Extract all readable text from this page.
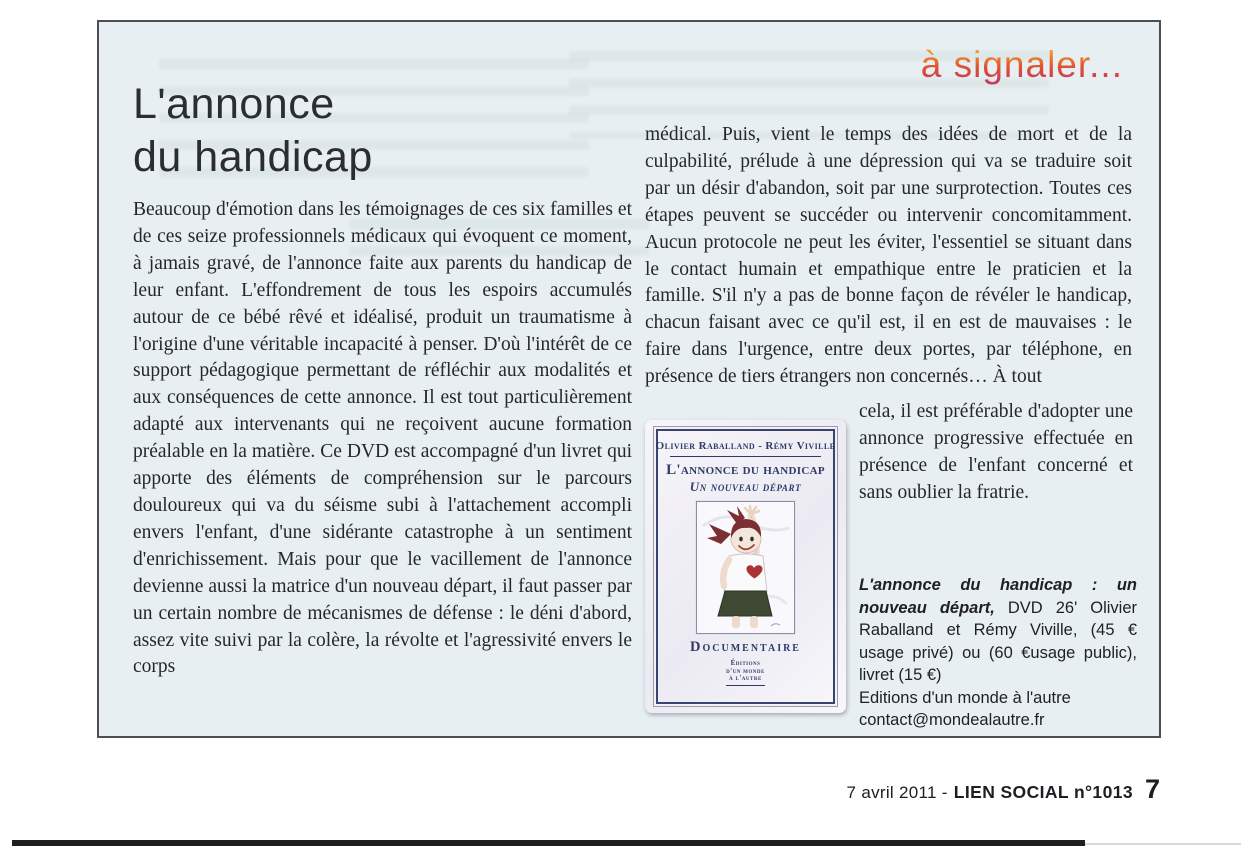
à signaler...
L'annonce
du handicap
Beaucoup d'émotion dans les témoignages de ces six familles et de ces seize professionnels médicaux qui évoquent ce moment, à jamais gravé, de l'annonce faite aux parents du handicap de leur enfant. L'effondrement de tous les espoirs accumulés autour de ce bébé rêvé et idéalisé, produit un traumatisme à l'origine d'une véritable incapacité à penser. D'où l'intérêt de ce support pédagogique permettant de réfléchir aux modalités et aux conséquences de cette annonce. Il est tout particulièrement adapté aux intervenants qui ne reçoivent aucune formation préalable en la matière. Ce DVD est accompagné d'un livret qui apporte des éléments de compréhension sur le parcours douloureux qui va du séisme subi à l'attachement accompli envers l'enfant, d'une sidérante catastrophe à un sentiment d'enrichissement. Mais pour que le vacillement de l'annonce devienne aussi la matrice d'un nouveau départ, il faut passer par un certain nombre de mécanismes de défense : le déni d'abord, assez vite suivi par la colère, la révolte et l'agressivité envers le corps
médical. Puis, vient le temps des idées de mort et de la culpabilité, prélude à une dépression qui va se traduire soit par un désir d'abandon, soit par une surprotection. Toutes ces étapes peuvent se succéder ou intervenir concomitamment. Aucun protocole ne peut les éviter, l'essentiel se situant dans le contact humain et empathique entre le praticien et la famille. S'il n'y a pas de bonne façon de révéler le handicap, chacun faisant avec ce qu'il est, il en est de mauvaises : le faire dans l'urgence, entre deux portes, par téléphone, en présence de tiers étrangers non concernés… À tout
cela, il est préférable d'adopter une annonce progressive effectuée en présence de l'enfant concerné et sans oublier la fratrie.
Olivier Raballand - Rémy Viville
L'annonce du handicap
Un nouveau départ
Documentaire
Éditions
d'un monde
à l'autre

L'annonce du handicap : un nouveau départ, DVD 26' Olivier Raballand et Rémy Viville, (45 € usage privé) ou (60 €usage public), livret (15 €)

Editions d'un monde à l'autre
contact@mondealautre.fr
7 avril 2011 - LIEN SOCIAL n°1013 7
